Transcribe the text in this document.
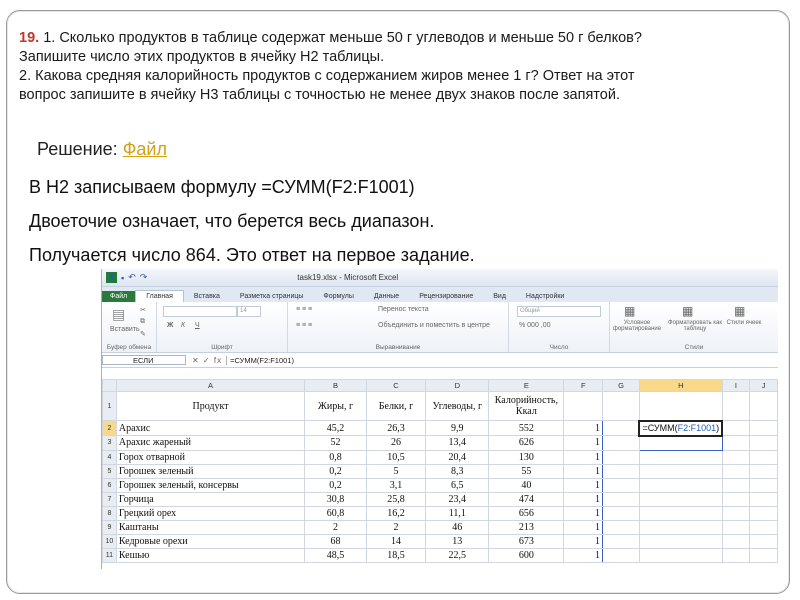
19. 1. Сколько продуктов в таблице содержат меньше 50 г углеводов и меньше 50 г белков?

Запишите число этих продуктов в ячейку H2 таблицы.

2. Какова средняя калорийность продуктов с содержанием жиров менее 1 г? Ответ на этот

вопрос запишите в ячейку H3 таблицы с точностью не менее двух знаков после запятой.

Решение: Файл
В H2 записываем формулу =СУММ(F2:F1001)
Двоеточие означает, что берется весь диапазон.
Получается число 864. Это ответ на первое задание.
X ▪ ↶ ↷	task19.xlsx - Microsoft Excel
Файл	Главная	Вставка	Разметка страницы	Формулы	Данные	Рецензирование	Вид	Надстройки
▤
Вставить
✂
⧉
✎
Буфер обмена
14
Ж К Ч
Шрифт
≡ ≡ ≡
≡ ≡ ≡
Перенос текста
Объединить и поместить в центре
Выравнивание
Общий
% 000 ,00
Число
▦
Условное форматирование
▦
Форматировать как таблицу
▦
Стили ячеек
Стили
ЕСЛИ	✕ ✓ fx	=СУММ(F2:F1001)
	A	B	C	D	E	F	G	H	I	J
1	Продукт	Жиры, г	Белки, г	Углеводы, г	Калорийность,
Ккал					

2	Арахис	45,2	26,3	9,9	552	1		=СУММ(F2:F1001)		
3	Арахис жареный	52	26	13,4	626	1				
4	Горох отварной	0,8	10,5	20,4	130	1				
5	Горошек зеленый	0,2	5	8,3	55	1				
6	Горошек зеленый, консервы	0,2	3,1	6,5	40	1				
7	Горчица	30,8	25,8	23,4	474	1				
8	Грецкий орех	60,8	16,2	11,1	656	1				
9	Каштаны	2	2	46	213	1				
10	Кедровые орехи	68	14	13	673	1				
11	Кешью	48,5	18,5	22,5	600	1				
